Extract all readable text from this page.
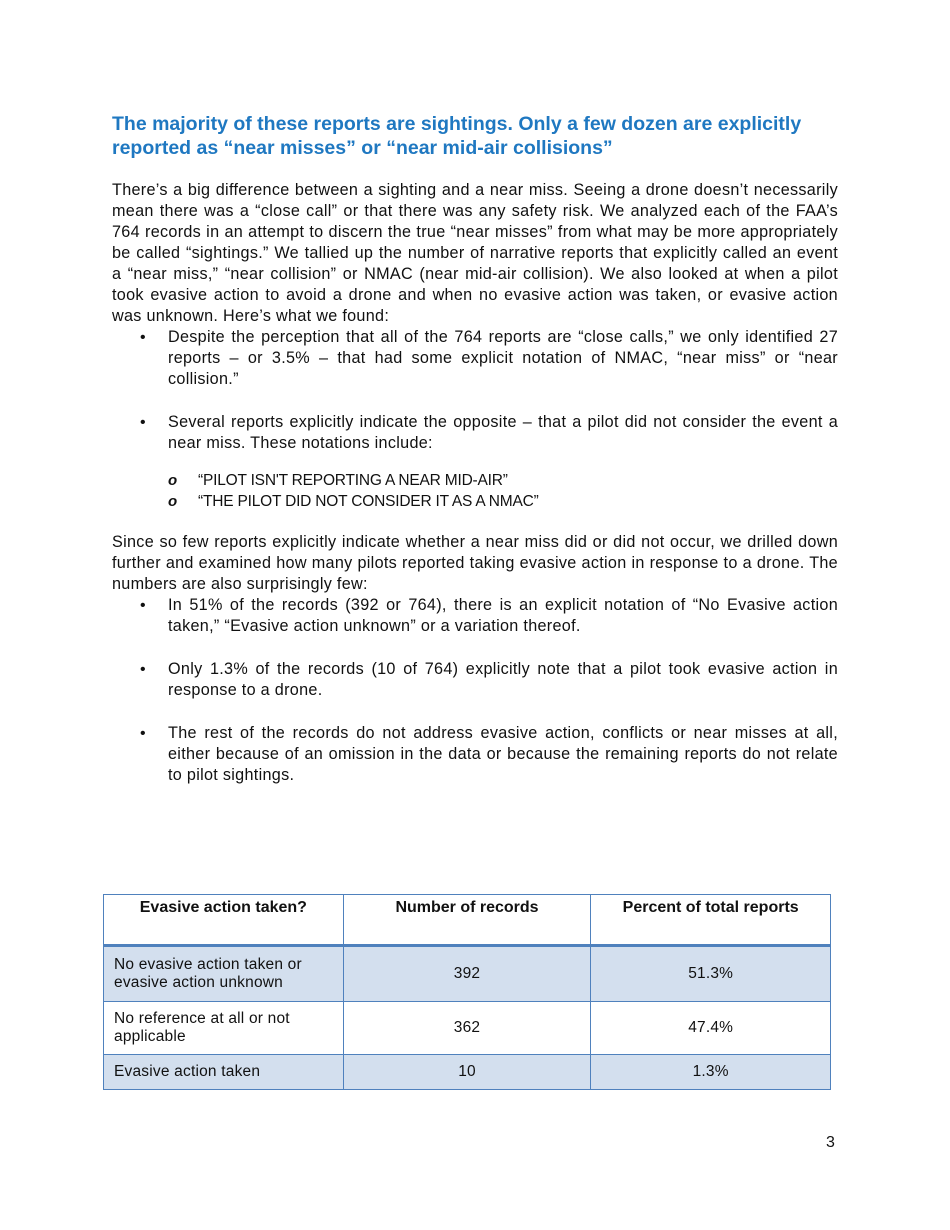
The majority of these reports are sightings. Only a few dozen are explicitly reported as “near misses” or “near mid-air collisions”

There’s a big difference between a sighting and a near miss. Seeing a drone doesn’t necessarily mean there was a “close call” or that there was any safety risk. We analyzed each of the FAA’s 764 records in an attempt to discern the true “near misses” from what may be more appropriately be called “sightings.” We tallied up the number of narrative reports that explicitly called an event a “near miss,” “near collision” or NMAC (near mid-air collision). We also looked at when a pilot took evasive action to avoid a drone and when no evasive action was taken, or evasive action was unknown. Here’s what we found:

• Despite the perception that all of the 764 reports are “close calls,” we only identified 27 reports – or 3.5% – that had some explicit notation of NMAC, “near miss” or “near collision.”
• Several reports explicitly indicate the opposite – that a pilot did not consider the event a near miss. These notations include:
o “PILOT ISN'T REPORTING A NEAR MID-AIR”
o “THE PILOT DID NOT CONSIDER IT AS A NMAC”

Since so few reports explicitly indicate whether a near miss did or did not occur, we drilled down further and examined how many pilots reported taking evasive action in response to a drone. The numbers are also surprisingly few:

• In 51% of the records (392 or 764), there is an explicit notation of “No Evasive action taken,” “Evasive action unknown” or a variation thereof.
• Only 1.3% of the records (10 of 764) explicitly note that a pilot took evasive action in response to a drone.
• The rest of the records do not address evasive action, conflicts or near misses at all, either because of an omission in the data or because the remaining reports do not relate to pilot sightings.
Evasive action taken?	Number of records	Percent of total reports
No evasive action taken or evasive action unknown	392	51.3%
No reference at all or not applicable	362	47.4%
Evasive action taken	10	1.3%
3
